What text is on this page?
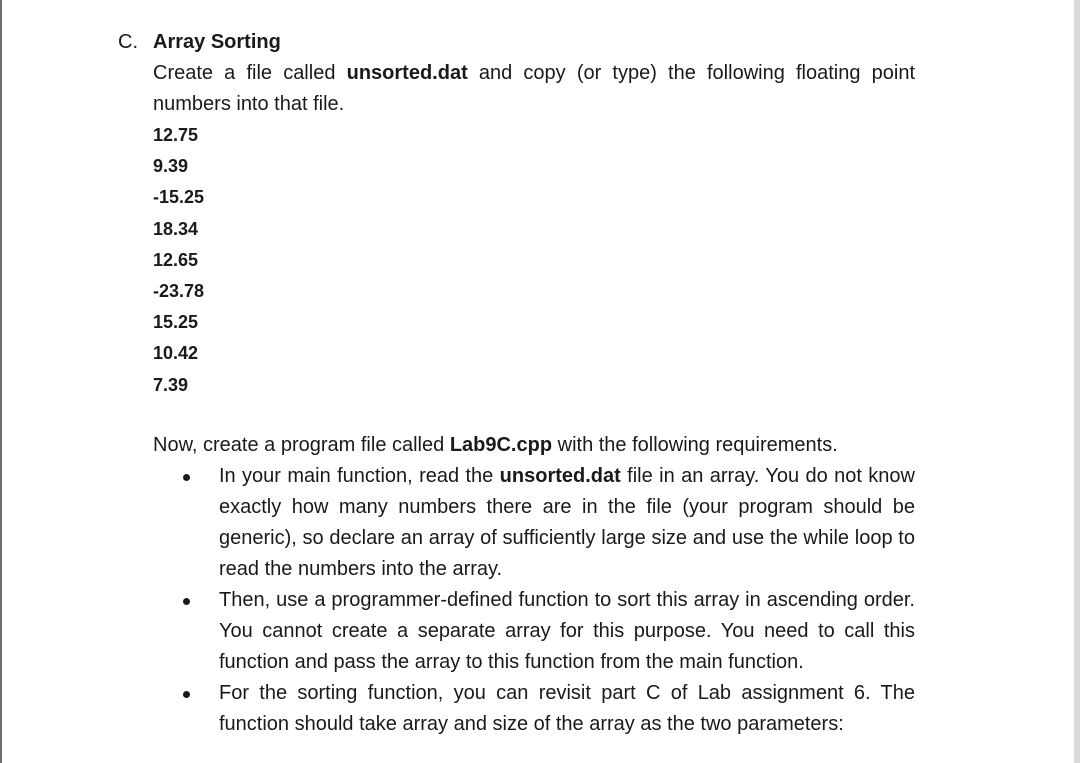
C. Array Sorting
Create a file called unsorted.dat and copy (or type) the following floating point numbers into that file.
12.75
9.39
-15.25
18.34
12.65
-23.78
15.25
10.42
7.39
Now, create a program file called Lab9C.cpp with the following requirements.
In your main function, read the unsorted.dat file in an array. You do not know exactly how many numbers there are in the file (your program should be generic), so declare an array of sufficiently large size and use the while loop to read the numbers into the array.
Then, use a programmer-defined function to sort this array in ascending order. You cannot create a separate array for this purpose. You need to call this function and pass the array to this function from the main function.
For the sorting function, you can revisit part C of Lab assignment 6. The function should take array and size of the array as the two parameters:
